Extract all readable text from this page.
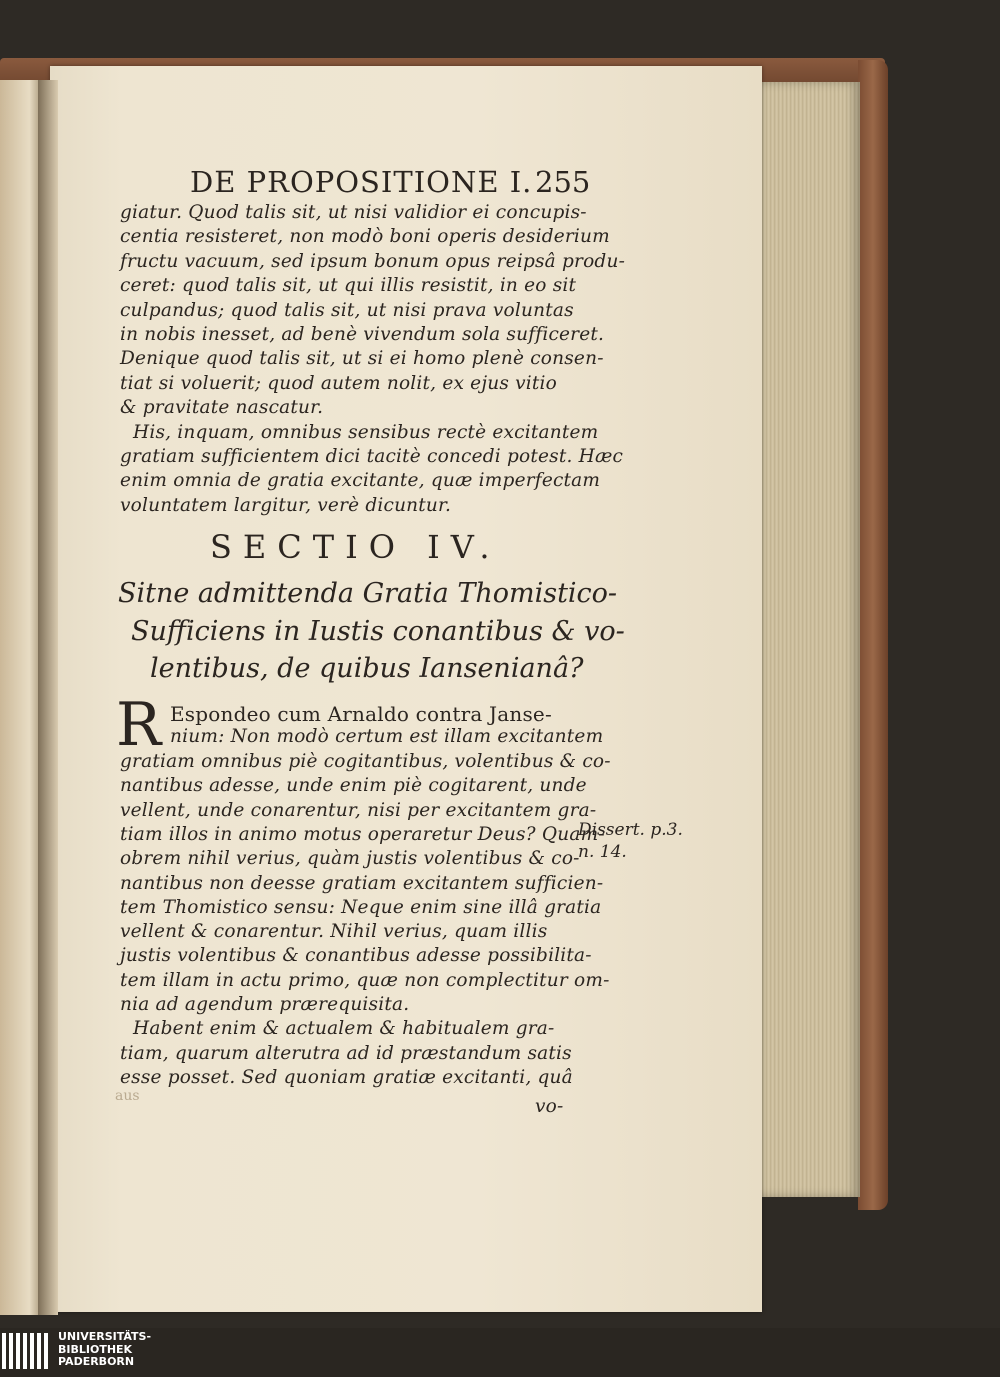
DE PROPOSITIONE I. 255
giatur. Quod talis sit, ut nisi validior ei concupis-
centia resisteret, non modò boni operis desiderium
fructu vacuum, sed ipsum bonum opus reipsâ produ-
ceret: quod talis sit, ut qui illis resistit, in eo sit
culpandus; quod talis sit, ut nisi prava voluntas
in nobis inesset, ad benè vivendum sola sufficeret.
Denique quod talis sit, ut si ei homo plenè consen-
tiat si voluerit; quod autem nolit, ex ejus vitio
& pravitate nascatur.
His, inquam, omnibus sensibus rectè excitantem
gratiam sufficientem dici tacitè concedi potest. Hæc
enim omnia de gratia excitante, quæ imperfectam
voluntatem largitur, verè dicuntur.
SECTIO IV.
Sitne admittenda Gratia Thomistico-
Sufficiens in Iustis conantibus & vo-
lentibus, de quibus Iansenianâ?
R Espondeo cum Arnaldo contra Janse-
nium: Non modò certum est illam excitantem
gratiam omnibus piè cogitantibus, volentibus & co-
nantibus adesse, unde enim piè cogitarent, unde
vellent, unde conarentur, nisi per excitantem gra-
tiam illos in animo motus operaretur Deus? Quam-
obrem nihil verius, quàm justis volentibus & co-
nantibus non deesse gratiam excitantem sufficien-
tem Thomistico sensu: Neque enim sine illâ gratia
vellent & conarentur. Nihil verius, quam illis
justis volentibus & conantibus adesse possibilita-
tem illam in actu primo, quæ non complectitur om-
nia ad agendum prærequisita.
Habent enim & actualem & habitualem gra-
tiam, quarum alterutra ad id præstandum satis
esse posset. Sed quoniam gratiæ excitanti, quâ
vo-
Dissert. p.3.
n. 14.
aus
UNIVERSITÄTS-
BIBLIOTHEK
PADERBORN
